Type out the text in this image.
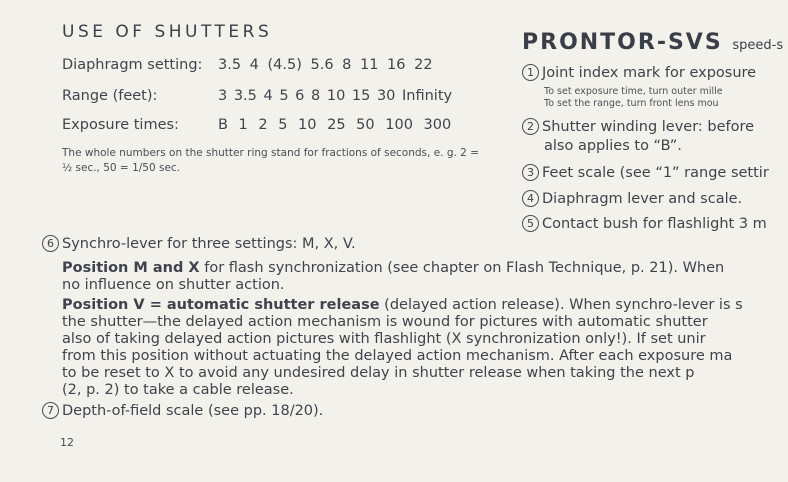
USE OF SHUTTERS
Diaphragm setting: 3.5 4 (4.5) 5.6 8 11 16 22
Range (feet):	3 3.5 4 5 6 8 10 15 30 Infinity
Exposure times:	B 1 2 5 10 25 50 100 300
The whole numbers on the shutter ring stand for fractions of seconds, e. g. 2 = ½ sec., 50 = 1/50 sec.
PRONTOR-SVS speed-s
1 Joint index mark for exposure
To set exposure time, turn outer mille
To set the range, turn front lens mou
2 Shutter winding lever: before
also applies to “B”.
3 Feet scale (see “1” range settir
4 Diaphragm lever and scale.
5 Contact bush for flashlight 3 m
6 Synchro-lever for three settings: M, X, V.
Position M and X for flash synchronization (see chapter on Flash Technique, p. 21). When
no influence on shutter action.
Position V = automatic shutter release (delayed action release). When synchro-lever is s
the shutter—the delayed action mechanism is wound for pictures with automatic shutter
also of taking delayed action pictures with flashlight (X synchronization only!). If set unir
from this position without actuating the delayed action mechanism. After each exposure ma
to be reset to X to avoid any undesired delay in shutter release when taking the next p
(2, p. 2) to take a cable release.
7 Depth-of-field scale (see pp. 18/20).
12
